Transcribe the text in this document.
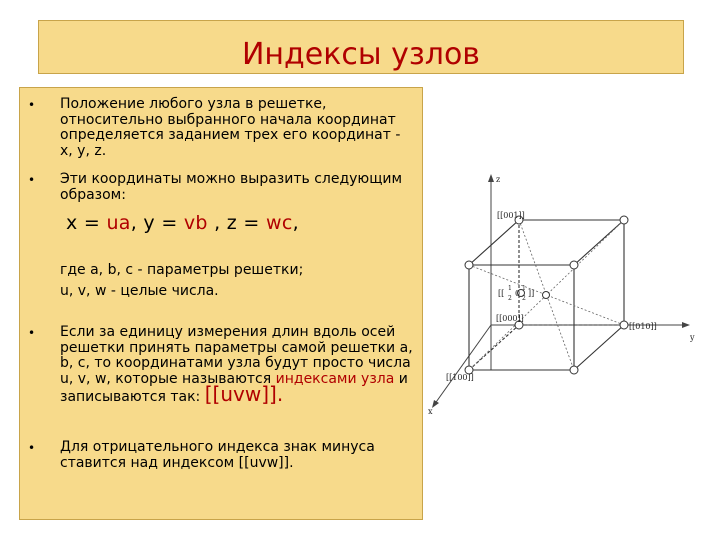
Индексы узлов
• Положение любого узла в решетке, относительно выбранного начала координат определяется заданием трех его координат - x, y, z.
• Эти координаты можно выразить следующим образом:
x = ua, y = vb , z = wc,
где a, b, c - параметры решетки;
u, v, w - целые числа.
• Если за единицу измерения длин вдоль осей решетки принять параметры самой решетки a, b, c, то координатами узла будут просто числа u, v, w, которые называются индексами узла и записываются так: [[uvw]].
• Для отрицательного индекса знак минуса ставится над индексом [[uvw]].
[[001]]
[[000]]
[[010]]
[[100]]
[[
1
2
0
1
2
]]
z
y
x
